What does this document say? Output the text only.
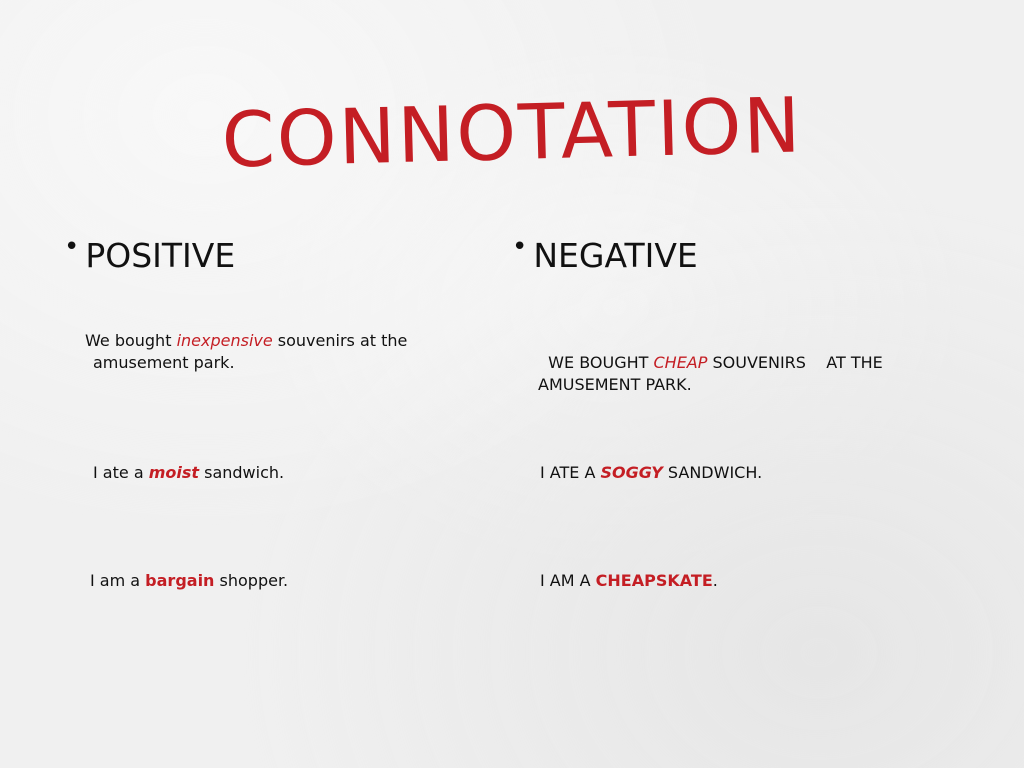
CONNOTATION
• POSITIVE	• NEGATIVE
We bought inexpensive souvenirs at the amusement park.
I ate a moist sandwich.
I am a bargain shopper.

WE BOUGHT CHEAP SOUVENIRS    AT THE AMUSEMENT PARK.

I ATE A SOGGY SANDWICH.
I AM A CHEAPSKATE.
